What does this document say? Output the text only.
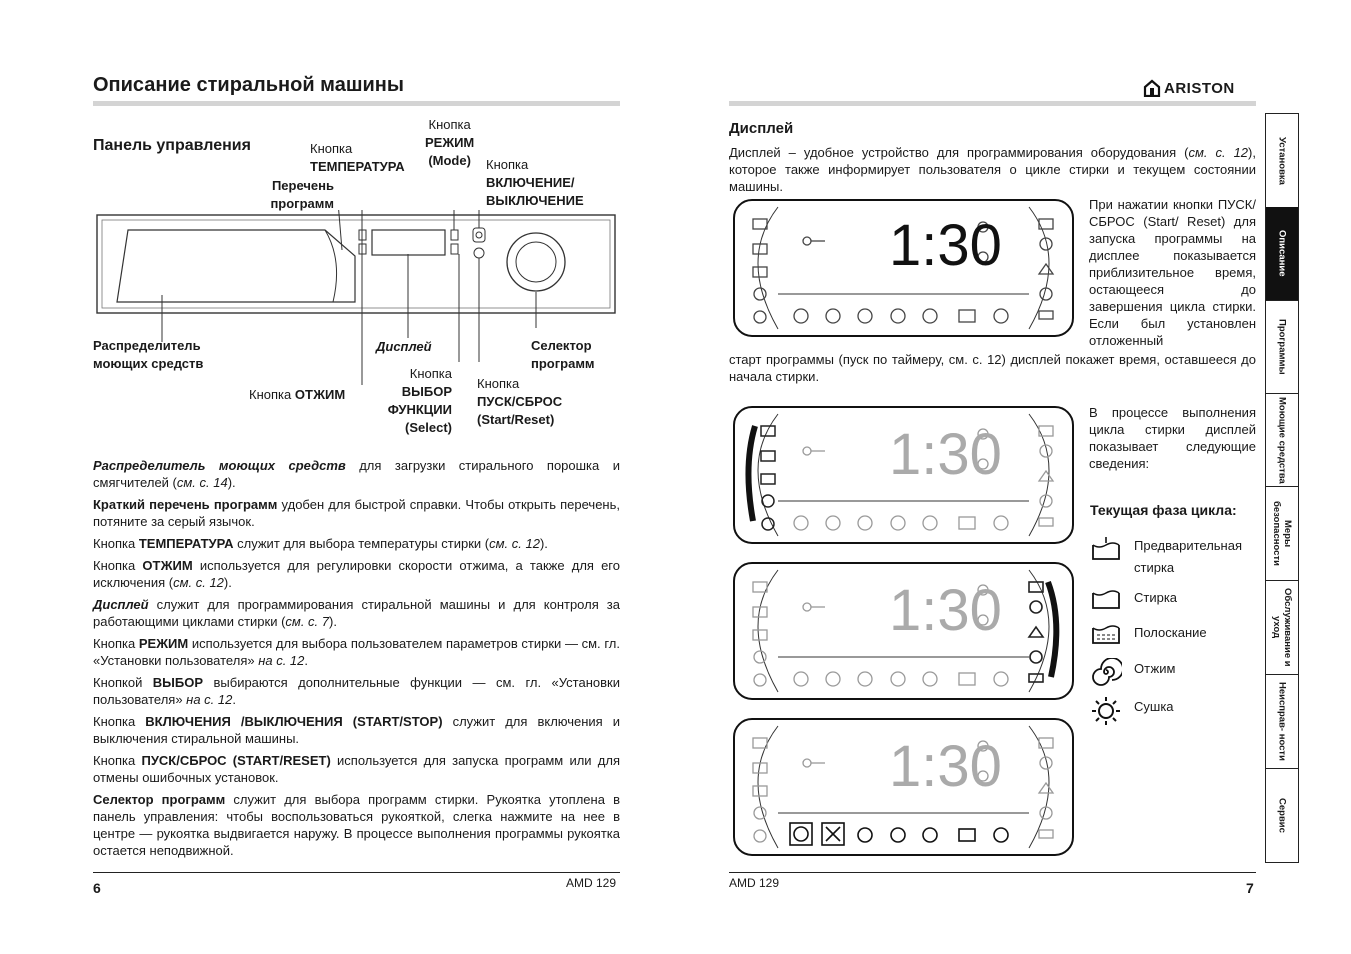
Описание стиральной машины
Панель управления	Кнопка
ТЕМПЕРАТУРА
Кнопка
РЕЖИМ
(Mode) Кнопка
ВКЛЮЧЕНИЕ/
ВЫКЛЮЧЕНИЕ
Перечень
программ
Распределитель
моющих средств
Дисплей	Селектор
программ
Кнопка ОТЖИМ
Кнопка
ВЫБОР
ФУНКЦИИ
(Select)
Кнопка
ПУСК/СБРОС
(Start/Reset)

Распределитель моющих средств для загрузки стирального порошка и смягчителей (см. с. 14).

Краткий перечень программ удобен для быстрой справки. Чтобы открыть перечень, потяните за серый язычок.

Кнопка ТЕМПЕРАТУРА служит для выбора температуры стирки (см. с. 12).

Кнопка ОТЖИМ используется для регулировки скорости отжима, а также для его исключения (см. с. 12).

Дисплей служит для программирования стиральной машины и для контроля за работающими циклами стирки (см. с. 7).

Кнопка РЕЖИМ используется для выбора пользователем параметров стирки — см. гл. «Установки пользователя» на с. 12.

Кнопкой ВЫБОР выбираются дополнительные функции — см. гл. «Установки пользователя» на с. 12.

Кнопка ВКЛЮЧЕНИЯ /ВЫКЛЮЧЕНИЯ (START/STOP) служит для включения и выключения стиральной машины.

Кнопка ПУСК/СБРОС (START/RESET) используется для запуска программ или для отмены ошибочных установок.

Селектор программ служит для выбора программ стирки. Рукоятка утоплена в панель управления: чтобы воспользоваться рукояткой, слегка нажмите на нее в центре — рукоятка выдвигается наружу. В процессе выполнения программы рукоятка остается неподвижной.

6	AMD 129
ARISTON
Дисплей
Дисплей – удобное устройство для программирования оборудования (см. с. 12), которое также информирует пользователя о цикле стирки и текущем состоянии машины.
При нажатии кнопки ПУСК/СБРОС (Start/ Reset) для запуска программы на дисплее показывается приблизительное время, остающееся до завершения цикла стирки. Если был установлен отложенный
старт программы (пуск по таймеру, см. с. 12) дисплей покажет время, оставшееся до начала стирки.
В процессе выполнения цикла стирки дисплей показывает следующие сведения:
Текущая фаза цикла:
1:30
1:30
1:30
1:30
Предварительная
стирка
Стирка
Полоскание
Отжим
Сушка
AMD 129	7
Установка
Описание
Программы
Моющие средства
Меры безопасности
Обслуживание и уход
Неисправ- ности
Сервис
